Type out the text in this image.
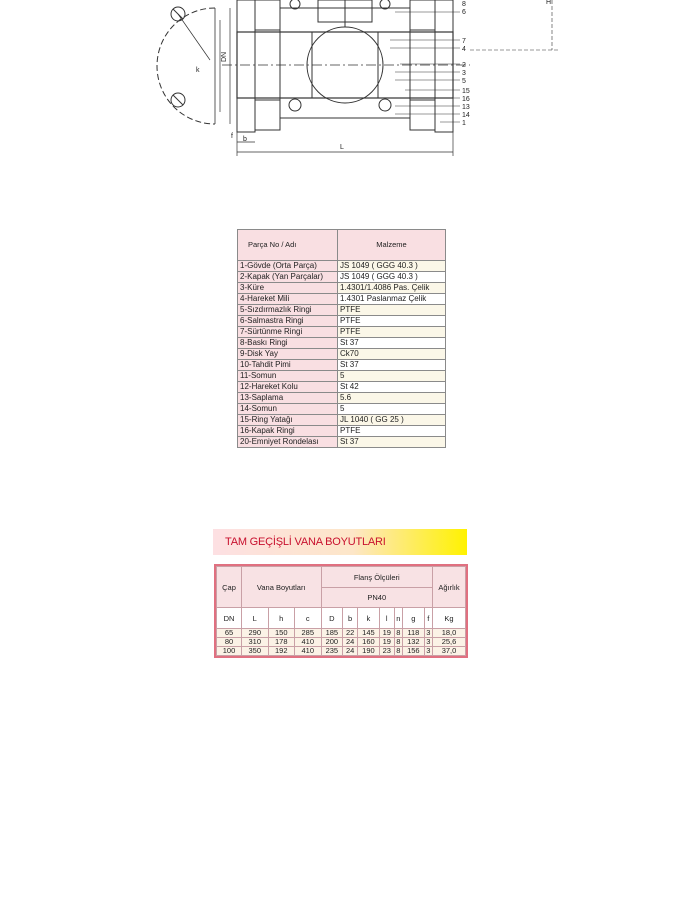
8
6
7
4
2
3
5
15
16
13
14
1
H
L
b
f
DN
k
Parça No / Adı	Malzeme
1-Gövde (Orta Parça)	JS 1049 ( GGG 40.3 )
2-Kapak (Yan Parçalar)	JS 1049 ( GGG 40.3 )
3-Küre	1.4301/1.4086 Pas. Çelik
4-Hareket Mili	1.4301 Paslanmaz Çelik
5-Sızdırmazlık Ringi	PTFE
6-Salmastra Ringi	PTFE
7-Sürtünme Ringi	PTFE
8-Baskı Ringi	St 37
9-Disk Yay	Ck70
10-Tahdit Pimi	St 37
11-Somun	5
12-Hareket Kolu	St 42
13-Saplama	5.6
14-Somun	5
15-Ring Yatağı	JL 1040 ( GG 25 )
16-Kapak Ringi	PTFE
20-Emniyet Rondelası	St 37
TAM GEÇİŞLİ VANA BOYUTLARI
Çap	Vana Boyutları			Flanş Ölçüleri							Ağırlık
				PN40							
DN	L	h	c	D	b	k	l	n	g	f	Kg
65	290	150	285	185	22	145	19	8	118	3	18,0
80	310	178	410	200	24	160	19	8	132	3	25,6
100	350	192	410	235	24	190	23	8	156	3	37,0
